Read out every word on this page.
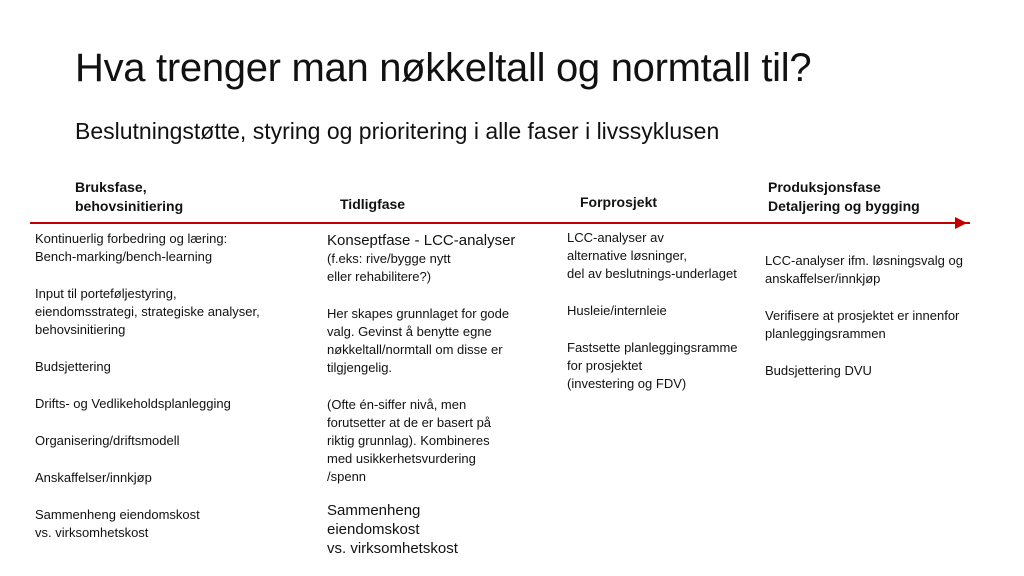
Hva trenger man nøkkeltall og normtall til?
Beslutningstøtte, styring og prioritering i alle faser i livssyklusen
Bruksfase,
behovsinitiering	Tidligfase	Forprosjekt
Produksjonsfase
Detaljering og bygging
Kontinuerlig forbedring og læring:
Bench-marking/bench-learning
Input til porteføljestyring,
eiendomsstrategi, strategiske analyser,
behovsinitiering
Budsjettering
Drifts- og Vedlikeholdsplanlegging
Organisering/driftsmodell
Anskaffelser/innkjøp
Sammenheng eiendomskost
vs. virksomhetskost
Konseptfase - LCC-analyser
(f.eks: rive/bygge nytt
eller rehabilitere?)
Her skapes grunnlaget for gode
valg. Gevinst å benytte egne
nøkkeltall/normtall om disse er
tilgjengelig.
(Ofte én-siffer nivå, men
forutsetter at de er basert på
riktig grunnlag). Kombineres
med usikkerhetsvurdering
/spenn
Sammenheng
eiendomskost
vs. virksomhetskost
LCC-analyser av
alternative løsninger,
del av beslutnings-underlaget
Husleie/internleie
Fastsette planleggingsramme
for prosjektet
(investering og FDV)
LCC-analyser ifm. løsningsvalg og
anskaffelser/innkjøp
Verifisere at prosjektet er innenfor
planleggingsrammen
Budsjettering DVU
